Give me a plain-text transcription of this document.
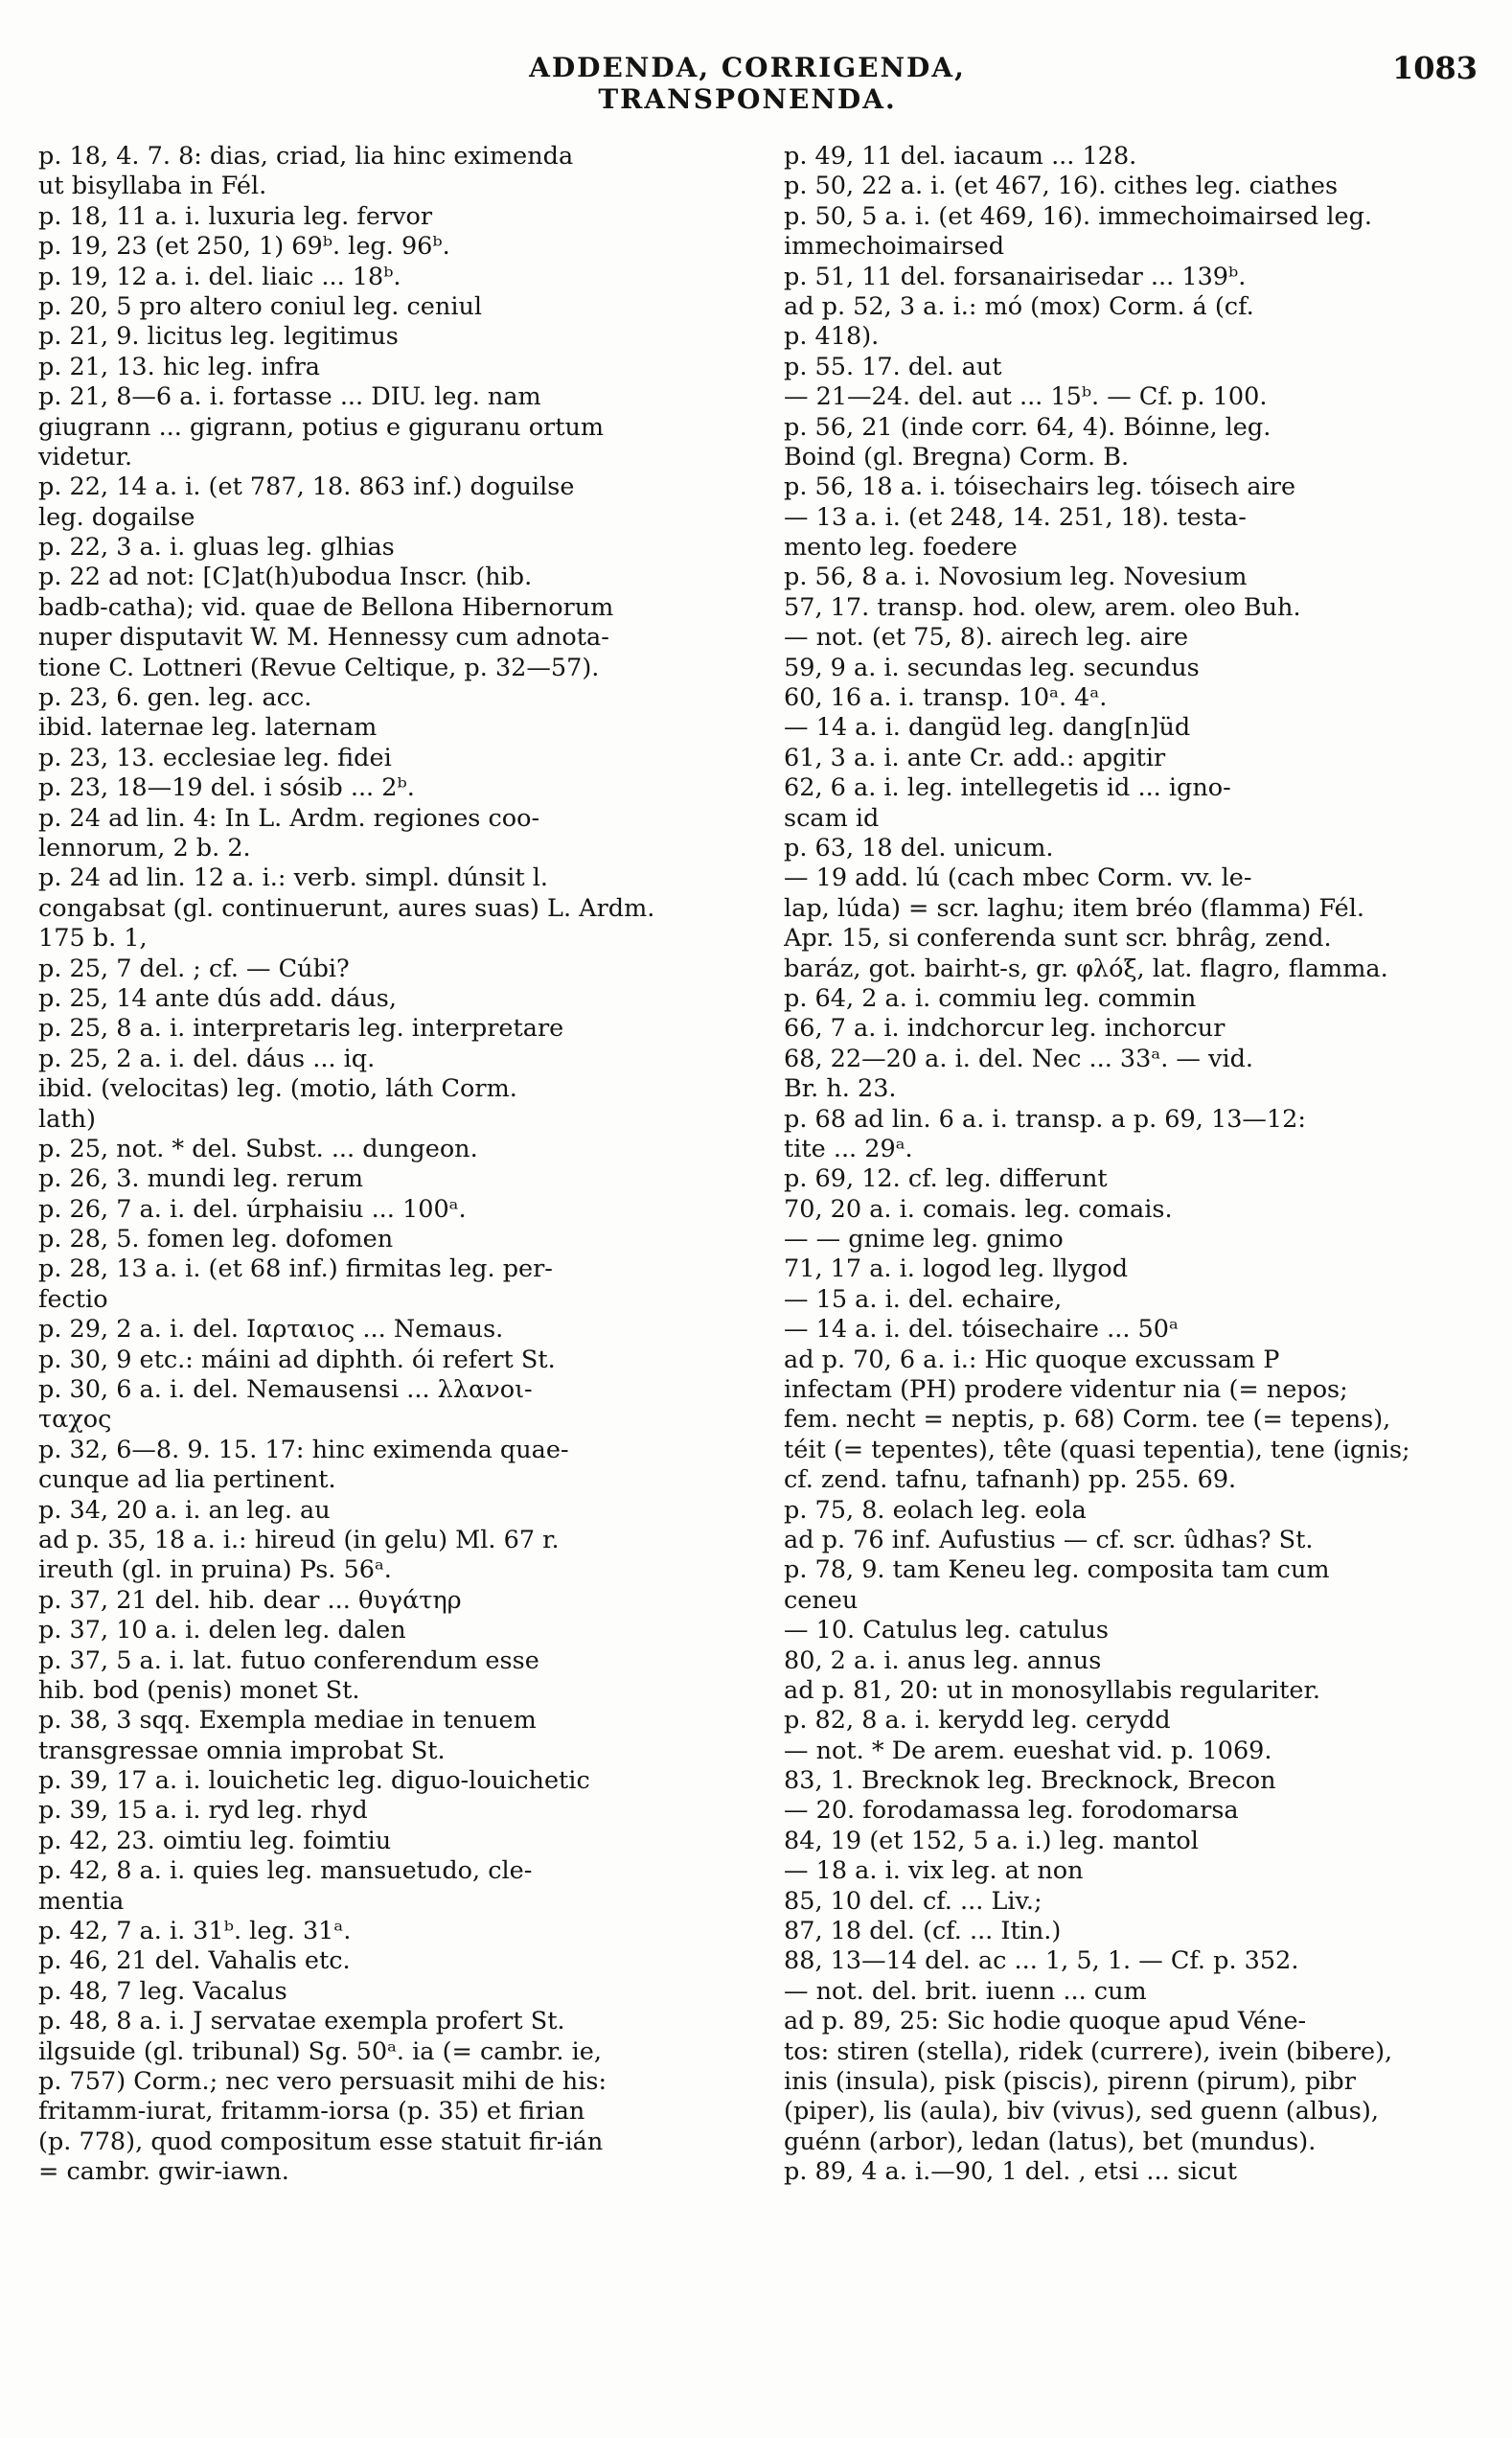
ADDENDA, CORRIGENDA, TRANSPONENDA.
1083
p. 18, 4. 7. 8: dias, criad, lia hinc eximenda
ut bisyllaba in Fél.
p. 18, 11 a. i. luxuria leg. fervor
p. 19, 23 (et 250, 1) 69ᵇ. leg. 96ᵇ.
p. 19, 12 a. i. del. liaic ... 18ᵇ.
p. 20, 5 pro altero coniul leg. ceniul
p. 21, 9. licitus leg. legitimus
p. 21, 13. hic leg. infra
p. 21, 8—6 a. i. fortasse ... DIU. leg. nam
giugrann ... gigrann, potius e giguranu ortum
videtur.
p. 22, 14 a. i. (et 787, 18. 863 inf.) doguilse
leg. dogailse
p. 22, 3 a. i. gluas leg. glhias
p. 22 ad not: [C]at(h)ubodua Inscr. (hib.
badb-catha); vid. quae de Bellona Hibernorum
nuper disputavit W. M. Hennessy cum adnota-
tione C. Lottneri (Revue Celtique, p. 32—57).
p. 23, 6. gen. leg. acc.
ibid. laternae leg. laternam
p. 23, 13. ecclesiae leg. fidei
p. 23, 18—19 del. i sósib ... 2ᵇ.
p. 24 ad lin. 4: In L. Ardm. regiones coo-
lennorum, 2 b. 2.
p. 24 ad lin. 12 a. i.: verb. simpl. dúnsit l.
congabsat (gl. continuerunt, aures suas) L. Ardm.
175 b. 1,
p. 25, 7 del. ; cf. — Cúbi?
p. 25, 14 ante dús add. dáus,
p. 25, 8 a. i. interpretaris leg. interpretare
p. 25, 2 a. i. del. dáus ... iq.
ibid. (velocitas) leg. (motio, láth Corm.
lath)
p. 25, not. * del. Subst. ... dungeon.
p. 26, 3. mundi leg. rerum
p. 26, 7 a. i. del. úrphaisiu ... 100ᵃ.
p. 28, 5. fomen leg. dofomen
p. 28, 13 a. i. (et 68 inf.) firmitas leg. per-
fectio
p. 29, 2 a. i. del. Ιαρταιος ... Nemaus.
p. 30, 9 etc.: máini ad diphth. ói refert St.
p. 30, 6 a. i. del. Nemausensi ... λλανοι-
ταχος
p. 32, 6—8. 9. 15. 17: hinc eximenda quae-
cunque ad lia pertinent.
p. 34, 20 a. i. an leg. au
ad p. 35, 18 a. i.: hireud (in gelu) Ml. 67 r.
ireuth (gl. in pruina) Ps. 56ᵃ.
p. 37, 21 del. hib. dear ... θυγάτηρ
p. 37, 10 a. i. delen leg. dalen
p. 37, 5 a. i. lat. futuo conferendum esse
hib. bod (penis) monet St.
p. 38, 3 sqq. Exempla mediae in tenuem
transgressae omnia improbat St.
p. 39, 17 a. i. louichetic leg. diguo-louichetic
p. 39, 15 a. i. ryd leg. rhyd
p. 42, 23. oimtiu leg. foimtiu
p. 42, 8 a. i. quies leg. mansuetudo, cle-
mentia
p. 42, 7 a. i. 31ᵇ. leg. 31ᵃ.
p. 46, 21 del. Vahalis etc.
p. 48, 7 leg. Vacalus
p. 48, 8 a. i. J servatae exempla profert St.
ilgsuide (gl. tribunal) Sg. 50ᵃ. ia (= cambr. ie,
p. 757) Corm.; nec vero persuasit mihi de his:
fritamm-iurat, fritamm-iorsa (p. 35) et firian
(p. 778), quod compositum esse statuit fir-ián
= cambr. gwir-iawn.
p. 49, 11 del. iacaum ... 128.
p. 50, 22 a. i. (et 467, 16). cithes leg. ciathes
p. 50, 5 a. i. (et 469, 16). immechoimairsed leg.
immechoimairsed
p. 51, 11 del. forsanairisedar ... 139ᵇ.
ad p. 52, 3 a. i.: mó (mox) Corm. á (cf.
p. 418).
p. 55. 17. del. aut
— 21—24. del. aut ... 15ᵇ. — Cf. p. 100.
p. 56, 21 (inde corr. 64, 4). Bóinne, leg.
Boind (gl. Bregna) Corm. B.
p. 56, 18 a. i. tóisechairs leg. tóisech aire
— 13 a. i. (et 248, 14. 251, 18). testa-
mento leg. foedere
p. 56, 8 a. i. Novosium leg. Novesium
57, 17. transp. hod. olew, arem. oleo Buh.
— not. (et 75, 8). airech leg. aire
59, 9 a. i. secundas leg. secundus
60, 16 a. i. transp. 10ᵃ. 4ᵃ.
— 14 a. i. dangüd leg. dang[n]üd
61, 3 a. i. ante Cr. add.: apgitir
62, 6 a. i. leg. intellegetis id ... igno-
scam id
p. 63, 18 del. unicum.
— 19 add. lú (cach mbec Corm. vv. le-
lap, lúda) = scr. laghu; item bréo (flamma) Fél.
Apr. 15, si conferenda sunt scr. bhrâg, zend.
baráz, got. bairht-s, gr. φλόξ, lat. flagro, flamma.
p. 64, 2 a. i. commiu leg. commin
66, 7 a. i. indchorcur leg. inchorcur
68, 22—20 a. i. del. Nec ... 33ᵃ. — vid.
Br. h. 23.
p. 68 ad lin. 6 a. i. transp. a p. 69, 13—12:
tite ... 29ᵃ.
p. 69, 12. cf. leg. differunt
70, 20 a. i. comais. leg. comais.
— — gnime leg. gnimo
71, 17 a. i. logod leg. llygod
— 15 a. i. del. echaire,
— 14 a. i. del. tóisechaire ... 50ᵃ
ad p. 70, 6 a. i.: Hic quoque excussam P
infectam (PH) prodere videntur nia (= nepos;
fem. necht = neptis, p. 68) Corm. tee (= tepens),
téit (= tepentes), tête (quasi tepentia), tene (ignis;
cf. zend. tafnu, tafnanh) pp. 255. 69.
p. 75, 8. eolach leg. eola
ad p. 76 inf. Aufustius — cf. scr. ûdhas? St.
p. 78, 9. tam Keneu leg. composita tam cum
ceneu
— 10. Catulus leg. catulus
80, 2 a. i. anus leg. annus
ad p. 81, 20: ut in monosyllabis regulariter.
p. 82, 8 a. i. kerydd leg. cerydd
— not. * De arem. eueshat vid. p. 1069.
83, 1. Brecknok leg. Brecknock, Brecon
— 20. forodamassa leg. forodomarsa
84, 19 (et 152, 5 a. i.) leg. mantol
— 18 a. i. vix leg. at non
85, 10 del. cf. ... Liv.;
87, 18 del. (cf. ... Itin.)
88, 13—14 del. ac ... 1, 5, 1. — Cf. p. 352.
— not. del. brit. iuenn ... cum
ad p. 89, 25: Sic hodie quoque apud Véne-
tos: stiren (stella), ridek (currere), ivein (bibere),
inis (insula), pisk (piscis), pirenn (pirum), pibr
(piper), lis (aula), biv (vivus), sed guenn (albus),
guénn (arbor), ledan (latus), bet (mundus).
p. 89, 4 a. i.—90, 1 del. , etsi ... sicut
